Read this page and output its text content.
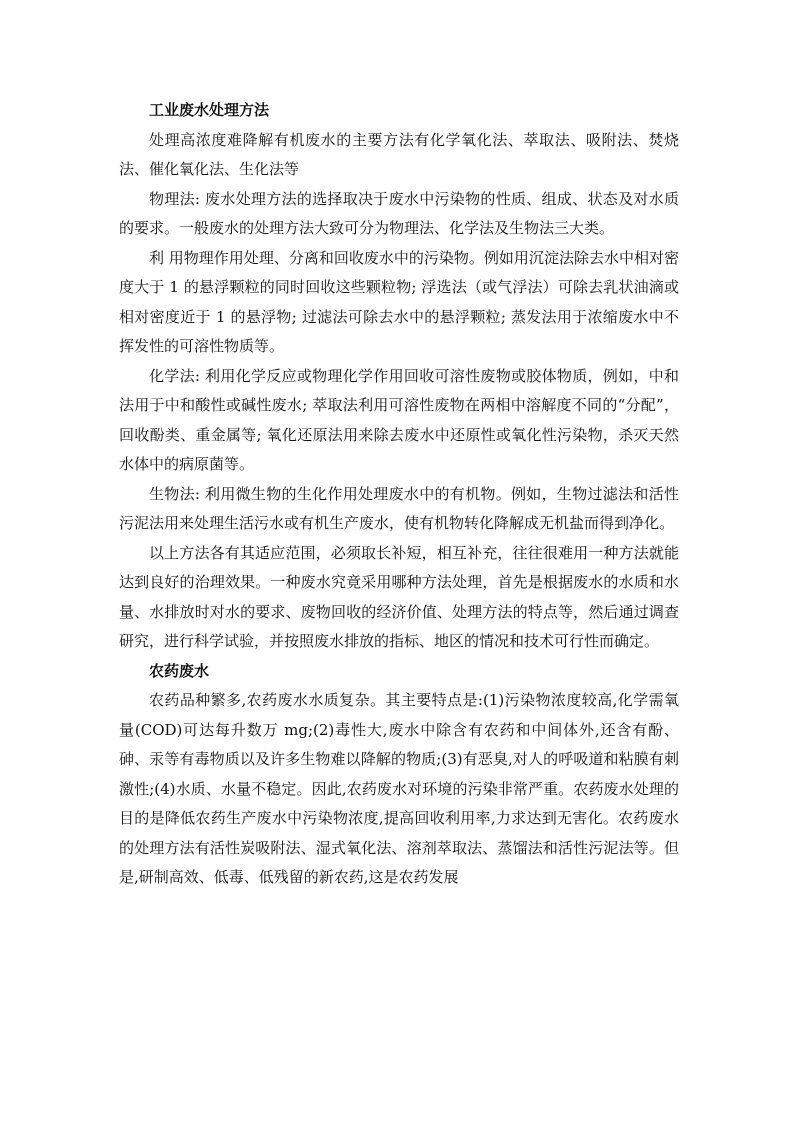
工业废水处理方法

处理高浓度难降解有机废水的主要方法有化学氧化法、萃取法、吸附法、焚烧法、催化氧化法、生化法等

物理法: 废水处理方法的选择取决于废水中污染物的性质、组成、状态及对水质的要求。一般废水的处理方法大致可分为物理法、化学法及生物法三大类。

利 用物理作用处理、分离和回收废水中的污染物。例如用沉淀法除去水中相对密度大于 1 的悬浮颗粒的同时回收这些颗粒物; 浮选法（或气浮法）可除去乳状油滴或相对密度近于 1 的悬浮物; 过滤法可除去水中的悬浮颗粒; 蒸发法用于浓缩废水中不挥发性的可溶性物质等。

化学法: 利用化学反应或物理化学作用回收可溶性废物或胶体物质，例如，中和法用于中和酸性或碱性废水; 萃取法利用可溶性废物在两相中溶解度不同的“分配”，回收酚类、重金属等; 氧化还原法用来除去废水中还原性或氧化性污染物，杀灭天然水体中的病原菌等。

生物法: 利用微生物的生化作用处理废水中的有机物。例如，生物过滤法和活性污泥法用来处理生活污水或有机生产废水，使有机物转化降解成无机盐而得到净化。

以上方法各有其适应范围，必须取长补短，相互补充，往往很难用一种方法就能达到良好的治理效果。一种废水究竟采用哪种方法处理，首先是根据废水的水质和水量、水排放时对水的要求、废物回收的经济价值、处理方法的特点等，然后通过调查研究，进行科学试验，并按照废水排放的指标、地区的情况和技术可行性而确定。

农药废水

农药品种繁多,农药废水水质复杂。其主要特点是:(1)污染物浓度较高,化学需氧量(COD)可达每升数万 mg;(2)毒性大,废水中除含有农药和中间体外,还含有酚、砷、汞等有毒物质以及许多生物难以降解的物质;(3)有恶臭,对人的呼吸道和粘膜有刺激性;(4)水质、水量不稳定。因此,农药废水对环境的污染非常严重。农药废水处理的目的是降低农药生产废水中污染物浓度,提高回收利用率,力求达到无害化。农药废水的处理方法有活性炭吸附法、湿式氧化法、溶剂萃取法、蒸馏法和活性污泥法等。但是,研制高效、低毒、低残留的新农药,这是农药发展
